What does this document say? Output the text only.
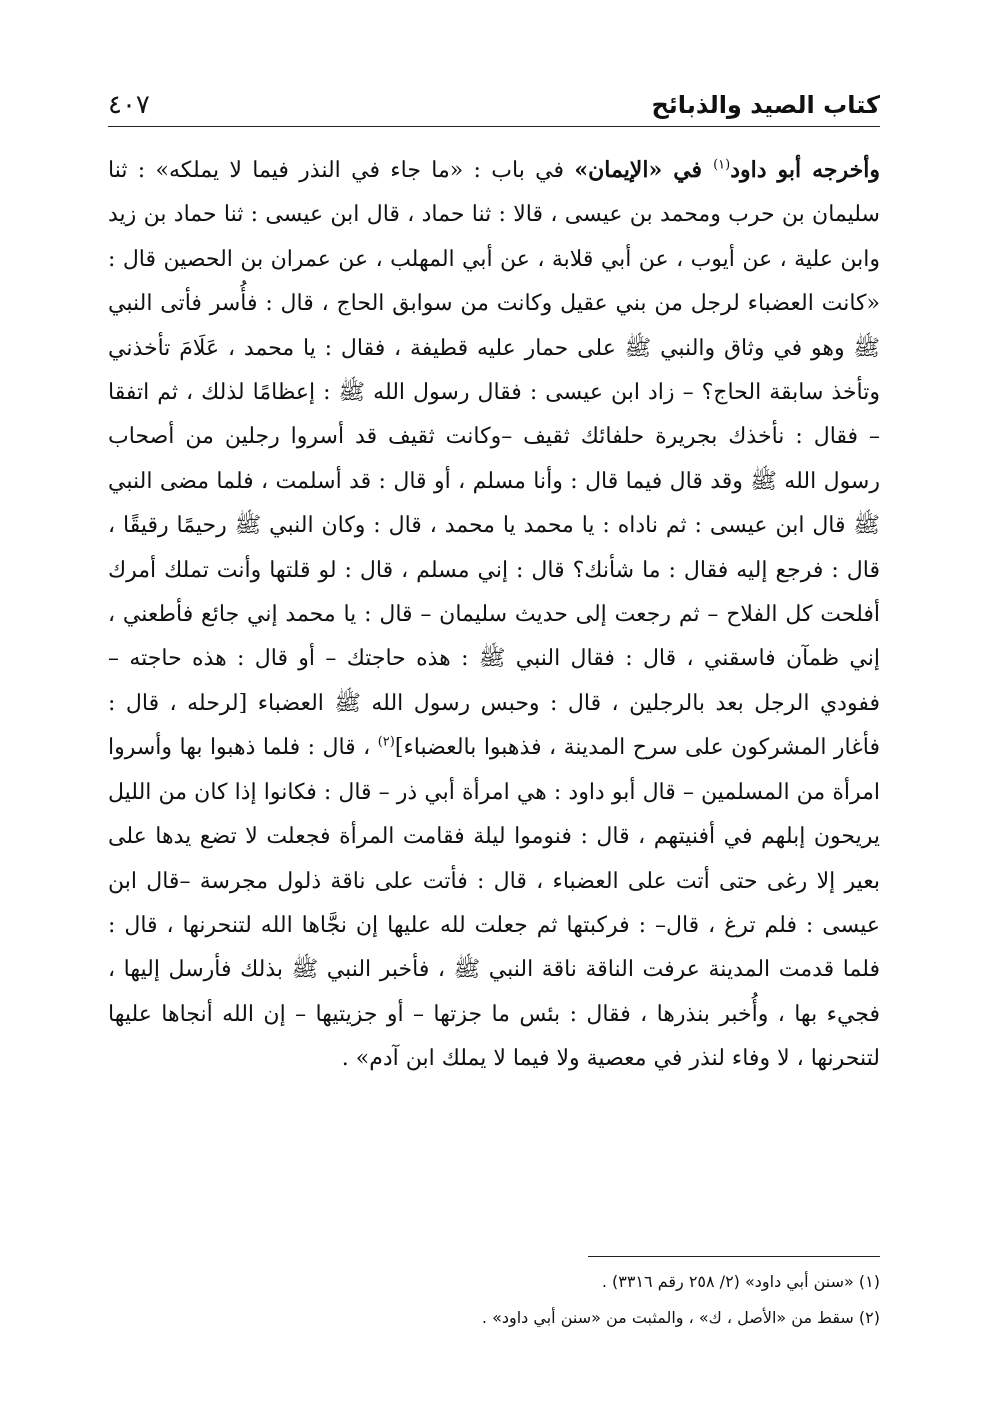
كتاب الصيد والذبائح
٤٠٧

وأخرجه أبو داود$^{(١)}$ في «الإيمان» في باب : «ما جاء في النذر فيما لا يملكه» : ثنا سليمان بن حرب ومحمد بن عيسى ، قالا : ثنا حماد ، قال ابن عيسى : ثنا حماد بن زيد وابن علية ، عن أيوب ، عن أبي قلابة ، عن أبي المهلب ، عن عمران بن الحصين قال : «كانت العضباء لرجل من بني عقيل وكانت من سوابق الحاج ، قال : فأُسر فأتى النبي ﷺ وهو في وثاق والنبي ﷺ على حمار عليه قطيفة ، فقال : يا محمد ، عَلَامَ تأخذني وتأخذ سابقة الحاج؟ – زاد ابن عيسى : فقال رسول الله ﷺ : إعظامًا لذلك ، ثم اتفقا – فقال : نأخذك بجريرة حلفائك ثقيف –وكانت ثقيف قد أسروا رجلين من أصحاب رسول الله ﷺ وقد قال فيما قال : وأنا مسلم ، أو قال : قد أسلمت ، فلما مضى النبي ﷺ قال ابن عيسى : ثم ناداه : يا محمد يا محمد ، قال : وكان النبي ﷺ رحيمًا رقيقًا ، قال : فرجع إليه فقال : ما شأنك؟ قال : إني مسلم ، قال : لو قلتها وأنت تملك أمرك أفلحت كل الفلاح – ثم رجعت إلى حديث سليمان – قال : يا محمد إني جائع فأطعني ، إني ظمآن فاسقني ، قال : فقال النبي ﷺ : هذه حاجتك – أو قال : هذه حاجته – ففودي الرجل بعد بالرجلين ، قال : وحبس رسول الله ﷺ العضباء [لرحله ، قال : فأغار المشركون على سرح المدينة ، فذهبوا بالعضباء]$^{(٢)}$ ، قال : فلما ذهبوا بها وأسروا امرأة من المسلمين – قال أبو داود : هي امرأة أبي ذر – قال : فكانوا إذا كان من الليل يريحون إبلهم في أفنيتهم ، قال : فنوموا ليلة فقامت المرأة فجعلت لا تضع يدها على بعير إلا رغى حتى أتت على العضباء ، قال : فأتت على ناقة ذلول مجرسة –قال ابن عيسى : فلم ترغ ، قال– : فركبتها ثم جعلت لله عليها إن نجَّاها الله لتنحرنها ، قال : فلما قدمت المدينة عرفت الناقة ناقة النبي ﷺ ، فأخبر النبي ﷺ بذلك فأرسل إليها ، فجيء بها ، وأُخبر بنذرها ، فقال : بئس ما جزتها – أو جزيتيها – إن الله أنجاها عليها لتنحرنها ، لا وفاء لنذر في معصية ولا فيما لا يملك ابن آدم» .

(١) «سنن أبي داود» (٢/ ٢٥٨ رقم ٣٣١٦) .
(٢) سقط من «الأصل ، ك» ، والمثبت من «سنن أبي داود» .
